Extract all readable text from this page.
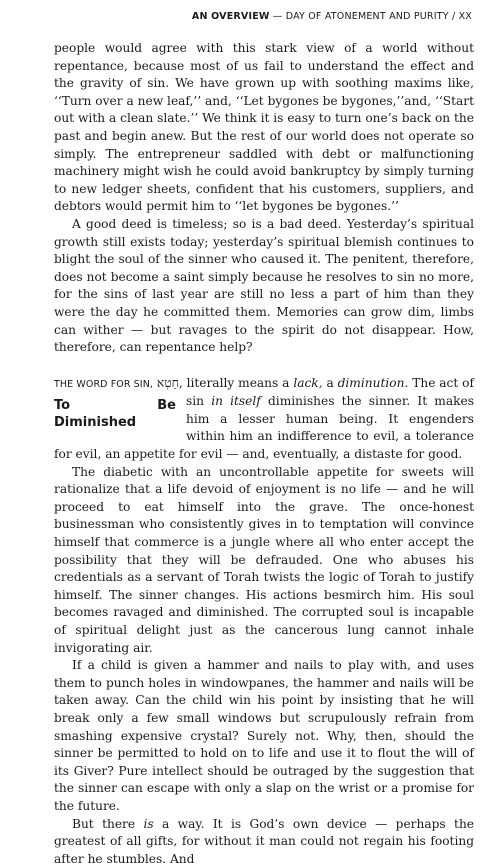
AN OVERVIEW — DAY OF ATONEMENT AND PURITY / XX

people would agree with this stark view of a world without repentance, because most of us fail to understand the effect and the gravity of sin. We have grown up with soothing maxims like, ‘‘Turn over a new leaf,’’ and, ‘‘Let bygones be bygones,’’and, ‘‘Start out with a clean slate.’’ We think it is easy to turn one’s back on the past and begin anew. But the rest of our world does not operate so simply. The entrepreneur saddled with debt or malfunctioning machinery might wish he could avoid bankruptcy by simply turning to new ledger sheets, confident that his customers, suppliers, and debtors would permit him to ‘‘let bygones be bygones.’’

A good deed is timeless; so is a bad deed. Yesterday’s spiritual growth still exists today; yesterday’s spiritual blemish continues to blight the soul of the sinner who caused it. The penitent, therefore, does not become a saint simply because he resolves to sin no more, for the sins of last year are still no less a part of him than they were the day he committed them. Memories can grow dim, limbs can wither — but ravages to the spirit do not disappear. How, therefore, can repentance help?

THE WORD FOR SIN, חֵטְא, literally means a lack, a diminution. The act of sin in itself
To Be Diminished
diminishes the sinner. It makes him a lesser human being. It engenders within him an indifference to evil, a tolerance for evil, an appetite for evil — and, eventually, a distaste for good.

The diabetic with an uncontrollable appetite for sweets will rationalize that a life devoid of enjoyment is no life — and he will proceed to eat himself into the grave. The once-honest businessman who consistently gives in to temptation will convince himself that commerce is a jungle where all who enter accept the possibility that they will be defrauded. One who abuses his credentials as a servant of Torah twists the logic of Torah to justify himself. The sinner changes. His actions besmirch him. His soul becomes ravaged and diminished. The corrupted soul is incapable of spiritual delight just as the cancerous lung cannot inhale invigorating air.

If a child is given a hammer and nails to play with, and uses them to punch holes in windowpanes, the hammer and nails will be taken away. Can the child win his point by insisting that he will break only a few small windows but scrupulously refrain from smashing expensive crystal? Surely not. Why, then, should the sinner be permitted to hold on to life and use it to flout the will of its Giver? Pure intellect should be outraged by the suggestion that the sinner can escape with only a slap on the wrist or a promise for the future.

But there is a way. It is God’s own device — perhaps the greatest of all gifts, for without it man could not regain his footing after he stumbles. And
